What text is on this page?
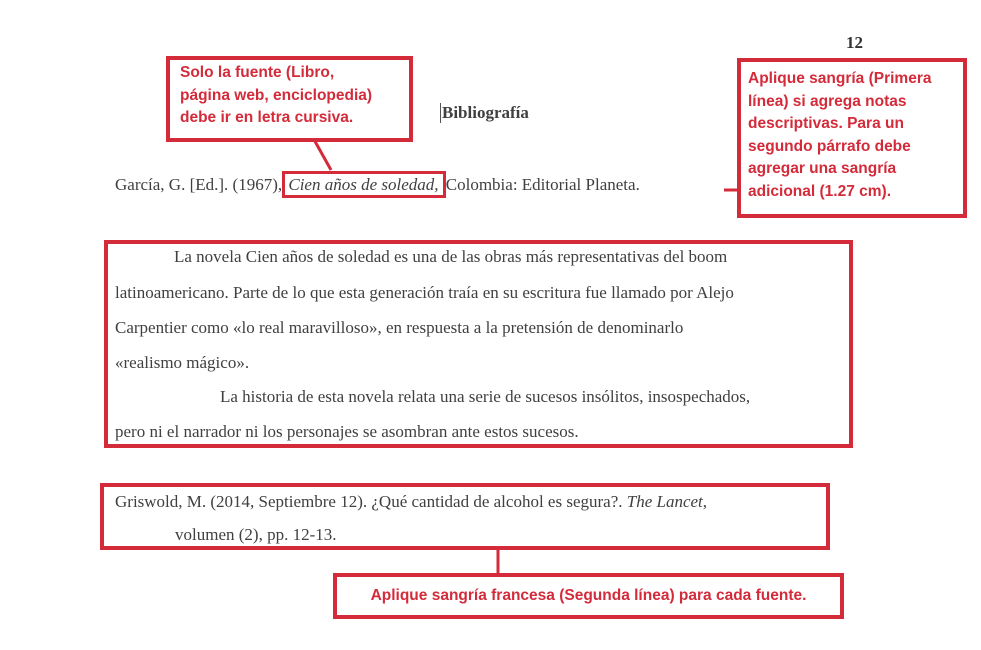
12
Bibliografía
García, G. [Ed.]. (1967), Cien años de soledad, Colombia: Editorial Planeta.
La novela Cien años de soledad es una de las obras más representativas del boom
latinoamericano. Parte de lo que esta generación traía en su escritura fue llamado por Alejo
Carpentier como «lo real maravilloso», en respuesta a la pretensión de denominarlo
«realismo mágico».
La historia de esta novela relata una serie de sucesos insólitos, insospechados,
pero ni el narrador ni los personajes se asombran ante estos sucesos.
Griswold, M. (2014, Septiembre 12). ¿Qué cantidad de alcohol es segura?. The Lancet,
volumen (2), pp. 12-13.
Solo la fuente (Libro,
página web, enciclopedia)
debe ir en letra cursiva.
Aplique sangría (Primera
línea) si agrega notas
descriptivas. Para un
segundo párrafo debe
agregar una sangría
adicional (1.27 cm).
Aplique sangría francesa (Segunda línea) para cada fuente.
